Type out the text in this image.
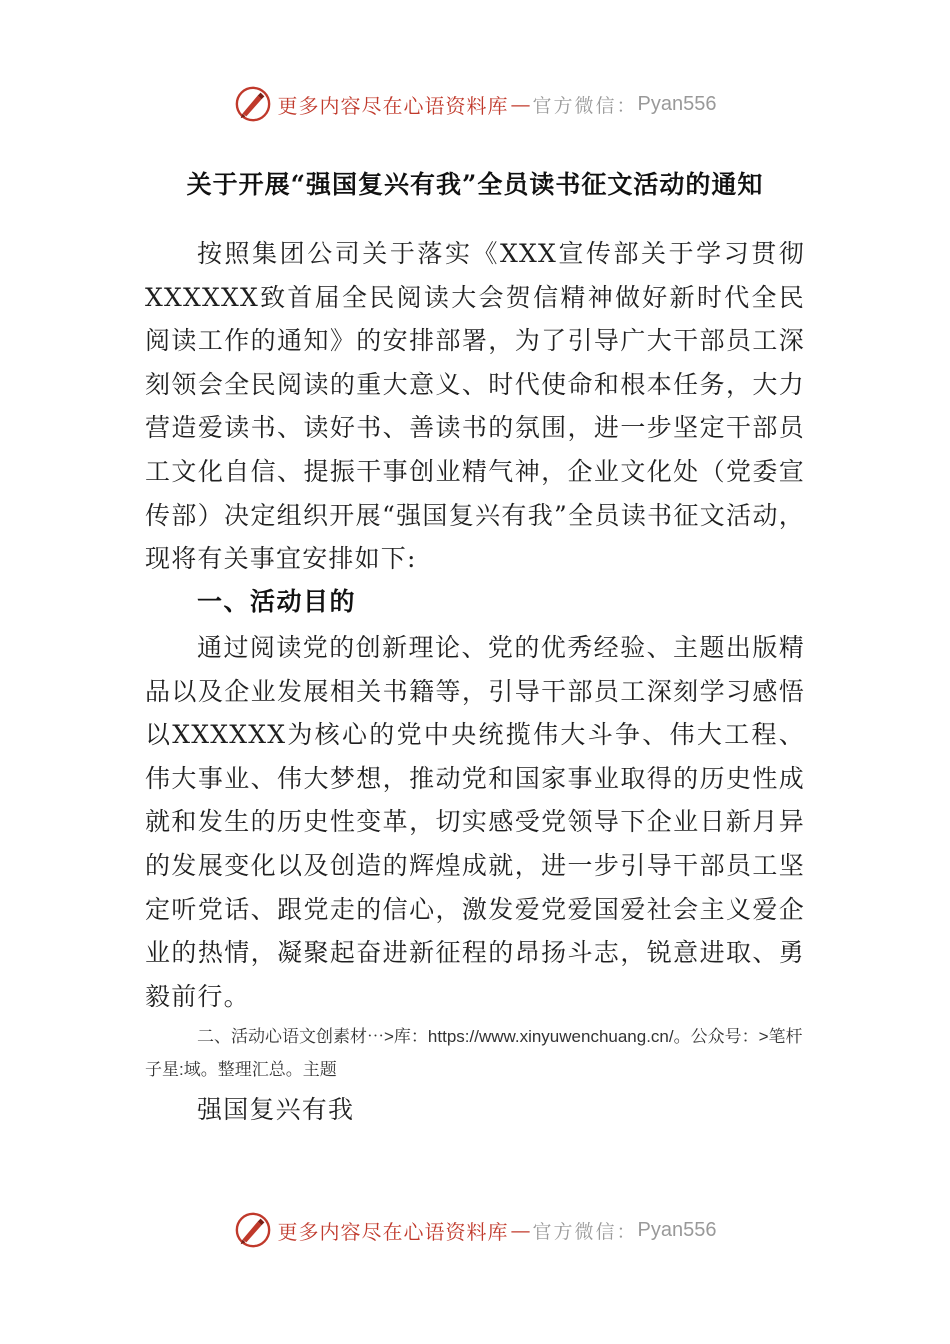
更多内容尽在心语资料库 — 官方微信： Pyan556
关于开展“强国复兴有我”全员读书征文活动的通知

按照集团公司关于落实《XXX宣传部关于学习贯彻XXXXXX致首届全民阅读大会贺信精神做好新时代全民阅读工作的通知》的安排部署，为了引导广大干部员工深刻领会全民阅读的重大意义、时代使命和根本任务，大力营造爱读书、读好书、善读书的氛围，进一步坚定干部员工文化自信、提振干事创业精气神，企业文化处（党委宣传部）决定组织开展“强国复兴有我”全员读书征文活动，现将有关事宜安排如下:

一、活动目的

通过阅读党的创新理论、党的优秀经验、主题出版精品以及企业发展相关书籍等，引导干部员工深刻学习感悟以XXXXXX为核心的党中央统揽伟大斗争、伟大工程、伟大事业、伟大梦想，推动党和国家事业取得的历史性成就和发生的历史性变革，切实感受党领导下企业日新月异的发展变化以及创造的辉煌成就，进一步引导干部员工坚定听党话、跟党走的信心，激发爱党爱国爱社会主义爱企业的热情，凝聚起奋进新征程的昂扬斗志，锐意进取、勇毅前行。

二、活动心语文创素材⋯>库：https://www.xinyuwenchuang.cn/。公众号：>笔杆子星:域。整理汇总。主题

强国复兴有我
更多内容尽在心语资料库 — 官方微信： Pyan556
